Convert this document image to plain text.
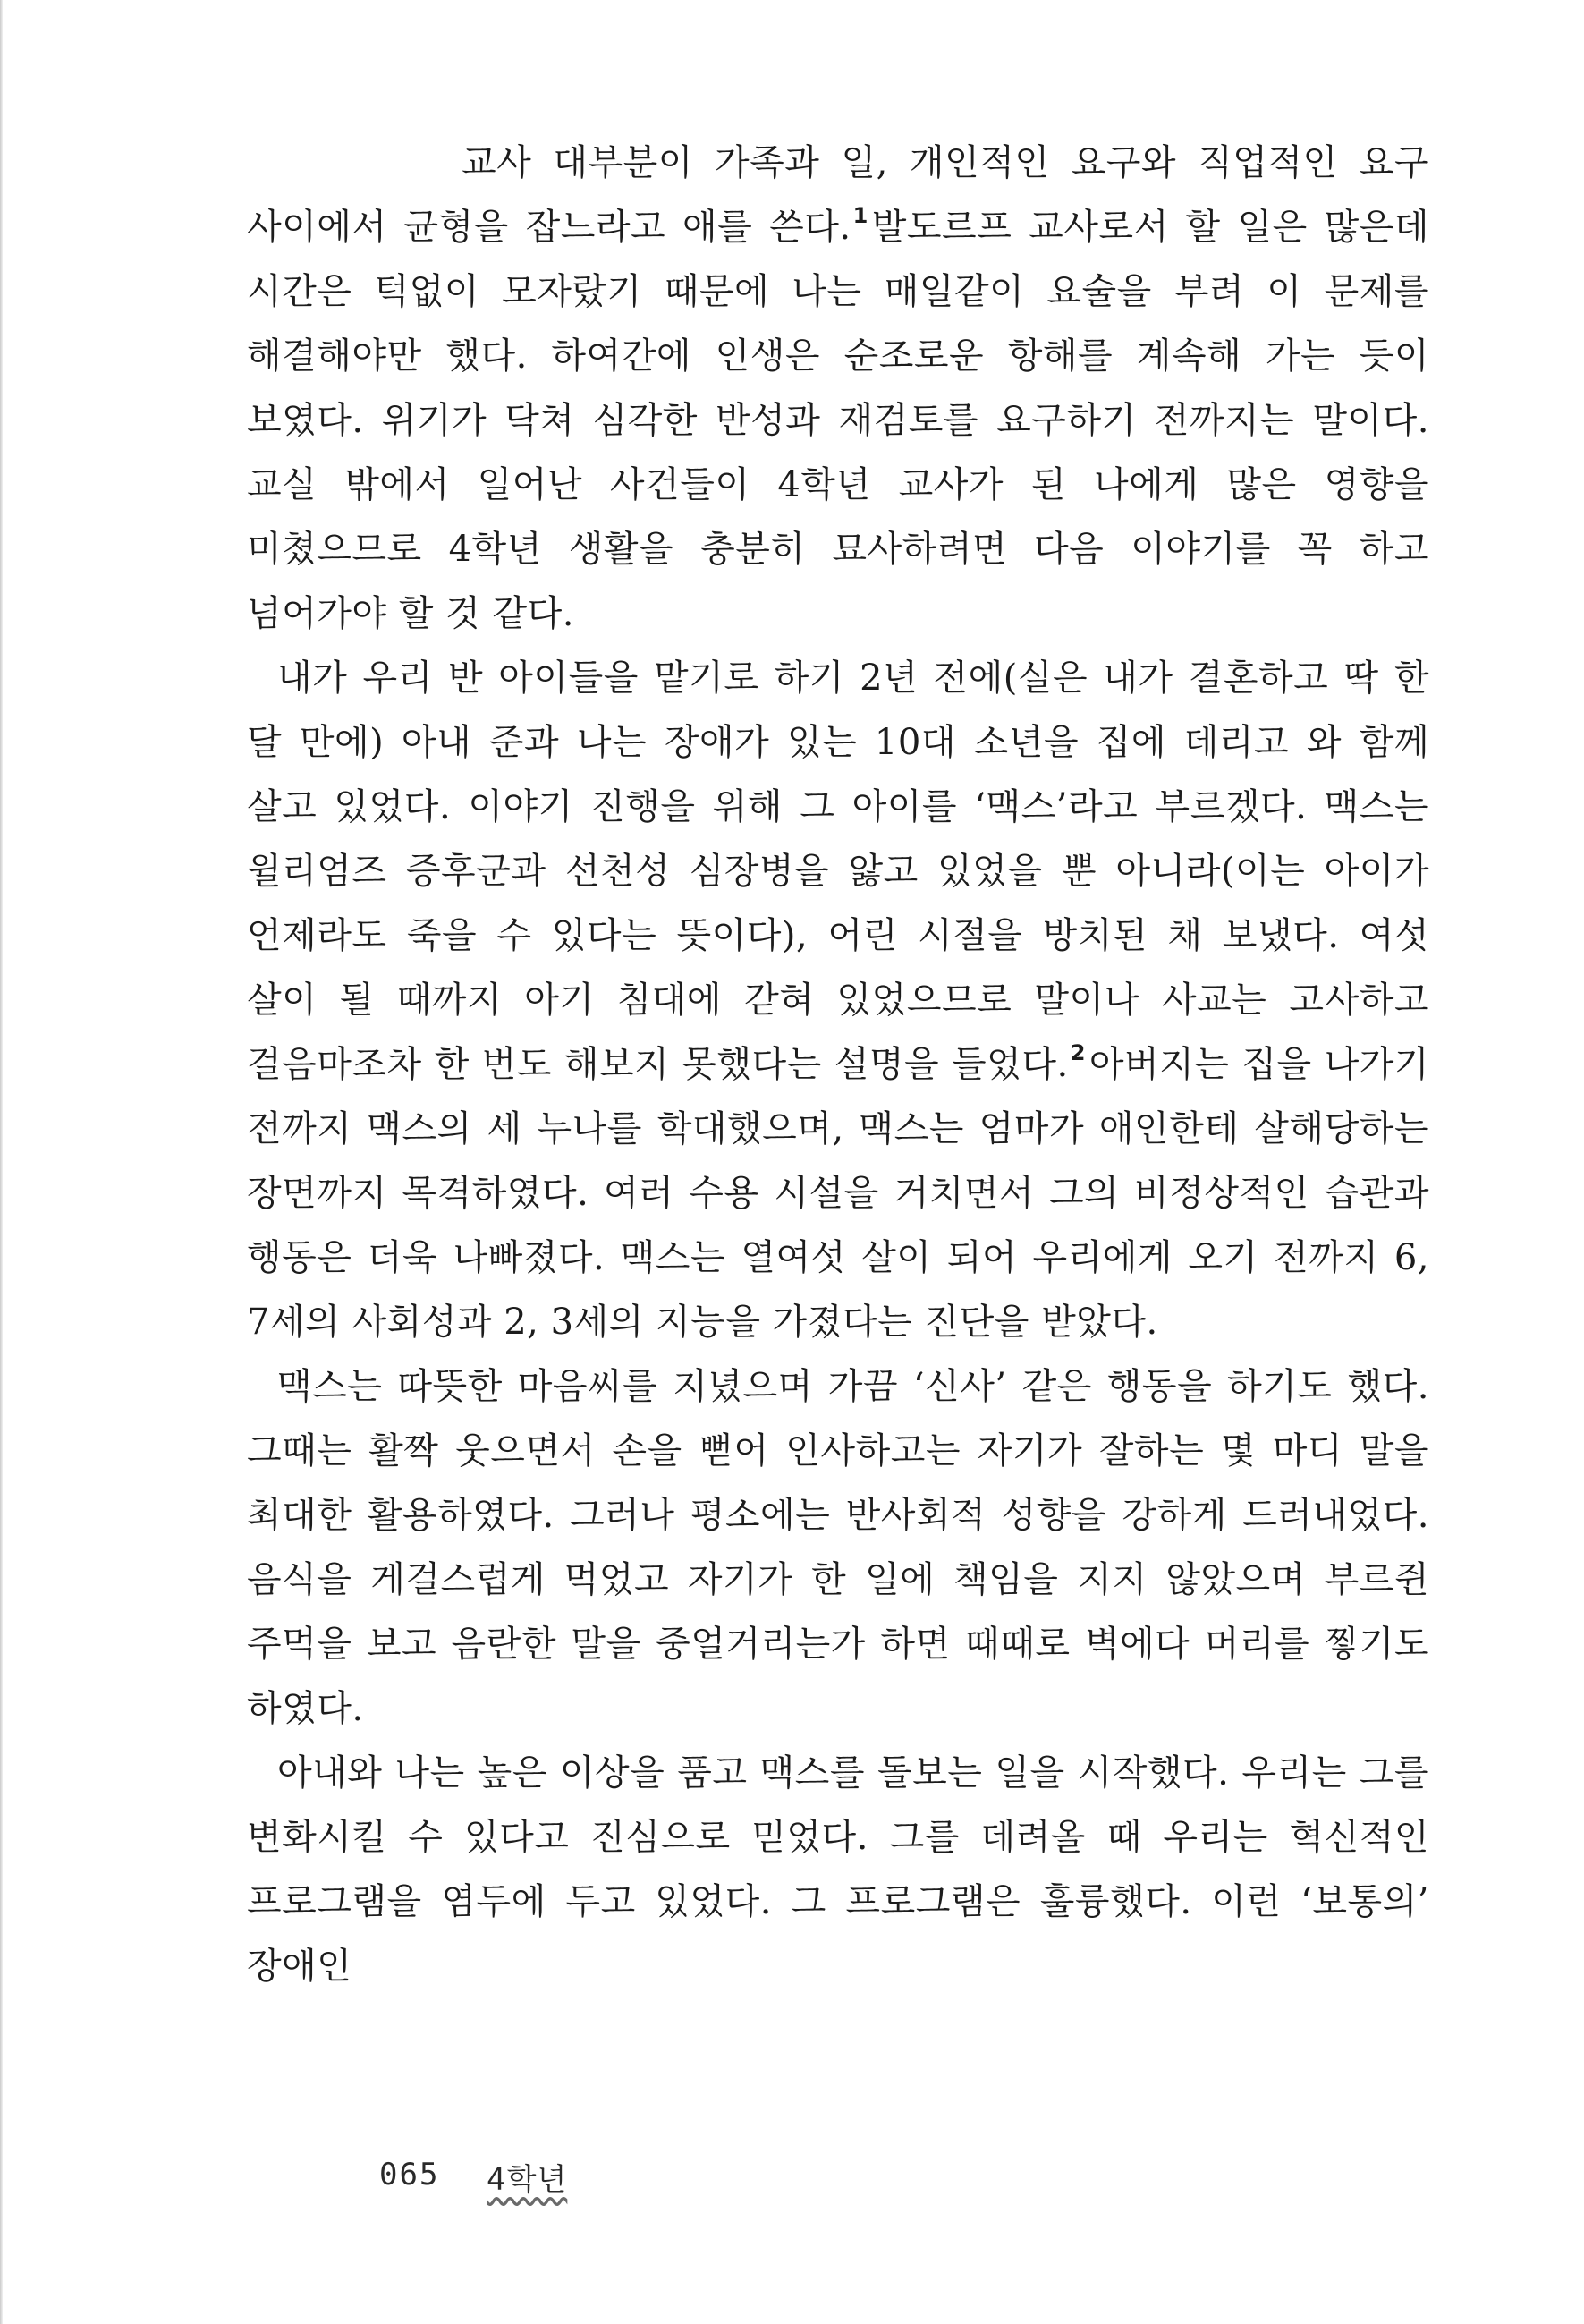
교사 대부분이 가족과 일, 개인적인 요구와 직업적인 요구 사이에서 균형을 잡느라고 애를 쓴다.$^1$ 발도르프 교사로서 할 일은 많은데 시간은 턱없이 모자랐기 때문에 나는 매일같이 요술을 부려 이 문제를 해결해야만 했다. 하여간에 인생은 순조로운 항해를 계속해 가는 듯이 보였다. 위기가 닥쳐 심각한 반성과 재검토를 요구하기 전까지는 말이다. 교실 밖에서 일어난 사건들이 4학년 교사가 된 나에게 많은 영향을 미쳤으므로 4학년 생활을 충분히 묘사하려면 다음 이야기를 꼭 하고 넘어가야 할 것 같다.

내가 우리 반 아이들을 맡기로 하기 2년 전에(실은 내가 결혼하고 딱 한 달 만에) 아내 준과 나는 장애가 있는 10대 소년을 집에 데리고 와 함께 살고 있었다. 이야기 진행을 위해 그 아이를 ‘맥스’라고 부르겠다. 맥스는 윌리엄즈 증후군과 선천성 심장병을 앓고 있었을 뿐 아니라(이는 아이가 언제라도 죽을 수 있다는 뜻이다), 어린 시절을 방치된 채 보냈다. 여섯 살이 될 때까지 아기 침대에 갇혀 있었으므로 말이나 사교는 고사하고 걸음마조차 한 번도 해보지 못했다는 설명을 들었다.$^2$ 아버지는 집을 나가기 전까지 맥스의 세 누나를 학대했으며, 맥스는 엄마가 애인한테 살해당하는 장면까지 목격하였다. 여러 수용 시설을 거치면서 그의 비정상적인 습관과 행동은 더욱 나빠졌다. 맥스는 열여섯 살이 되어 우리에게 오기 전까지 6, 7세의 사회성과 2, 3세의 지능을 가졌다는 진단을 받았다.

맥스는 따뜻한 마음씨를 지녔으며 가끔 ‘신사’ 같은 행동을 하기도 했다. 그때는 활짝 웃으면서 손을 뻗어 인사하고는 자기가 잘하는 몇 마디 말을 최대한 활용하였다. 그러나 평소에는 반사회적 성향을 강하게 드러내었다. 음식을 게걸스럽게 먹었고 자기가 한 일에 책임을 지지 않았으며 부르쥔 주먹을 보고 음란한 말을 중얼거리는가 하면 때때로 벽에다 머리를 찧기도 하였다.

아내와 나는 높은 이상을 품고 맥스를 돌보는 일을 시작했다. 우리는 그를 변화시킬 수 있다고 진심으로 믿었다. 그를 데려올 때 우리는 혁신적인 프로그램을 염두에 두고 있었다. 그 프로그램은 훌륭했다. 이런 ‘보통의’ 장애인

065 4학년
